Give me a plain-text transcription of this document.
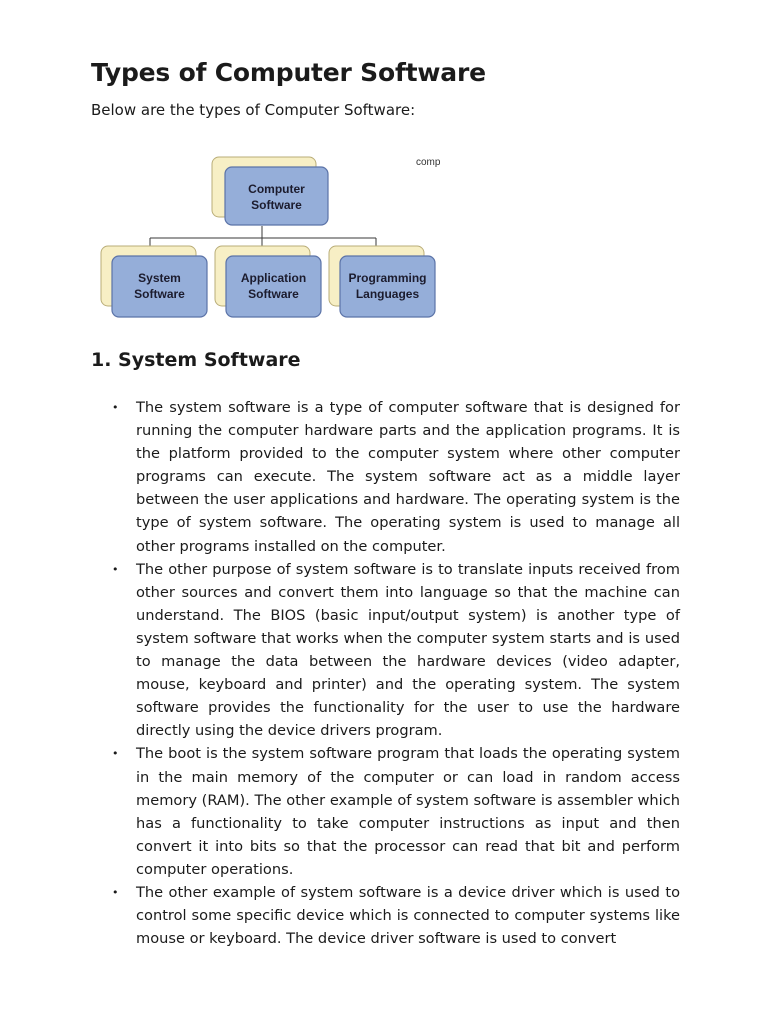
Types of Computer Software

Below are the types of Computer Software:

Computer
Software
System
Software
Application
Software
Programming
Languages
comp
1. System Software
• The system software is a type of computer software that is designed for running the computer hardware parts and the application programs. It is the platform provided to the computer system where other computer programs can execute. The system software act as a middle layer between the user applications and hardware. The operating system is the type of system software. The operating system is used to manage all other programs installed on the computer.
• The other purpose of system software is to translate inputs received from other sources and convert them into language so that the machine can understand. The BIOS (basic input/output system) is another type of system software that works when the computer system starts and is used to manage the data between the hardware devices (video adapter, mouse, keyboard and printer) and the operating system. The system software provides the functionality for the user to use the hardware directly using the device drivers program.
• The boot is the system software program that loads the operating system in the main memory of the computer or can load in random access memory (RAM). The other example of system software is assembler which has a functionality to take computer instructions as input and then convert it into bits so that the processor can read that bit and perform computer operations.
• The other example of system software is a device driver which is used to control some specific device which is connected to computer systems like mouse or keyboard. The device driver software is used to convert
